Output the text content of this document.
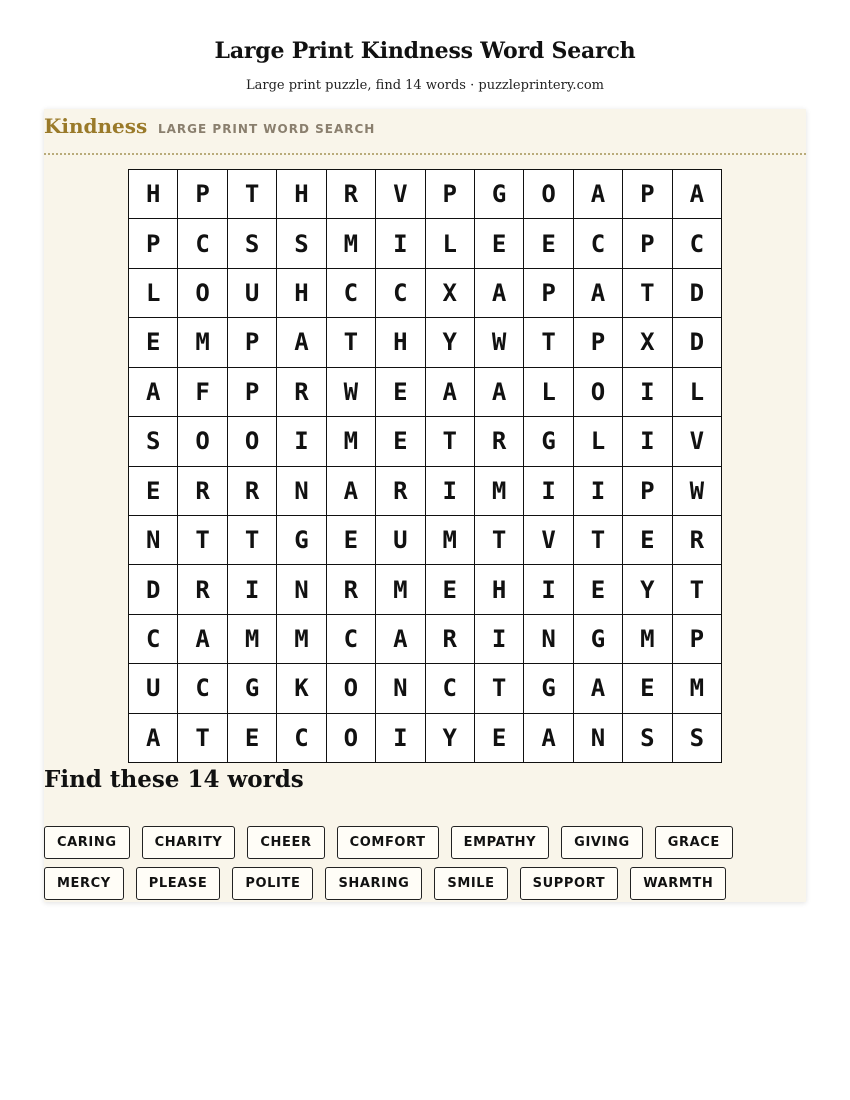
Large Print Kindness Word Search
Large print puzzle, find 14 words · puzzleprintery.com
Kindness LARGE PRINT WORD SEARCH
H	P	T	H	R	V	P	G	O	A	P	A
P	C	S	S	M	I	L	E	E	C	P	C
L	O	U	H	C	C	X	A	P	A	T	D
E	M	P	A	T	H	Y	W	T	P	X	D
A	F	P	R	W	E	A	A	L	O	I	L
S	O	O	I	M	E	T	R	G	L	I	V
E	R	R	N	A	R	I	M	I	I	P	W
N	T	T	G	E	U	M	T	V	T	E	R
D	R	I	N	R	M	E	H	I	E	Y	T
C	A	M	M	C	A	R	I	N	G	M	P
U	C	G	K	O	N	C	T	G	A	E	M
A	T	E	C	O	I	Y	E	A	N	S	S
Find these 14 words
CARING	CHARITY	CHEER	COMFORT	EMPATHY	GIVING	GRACE
MERCY	PLEASE	POLITE	SHARING	SMILE	SUPPORT	WARMTH
